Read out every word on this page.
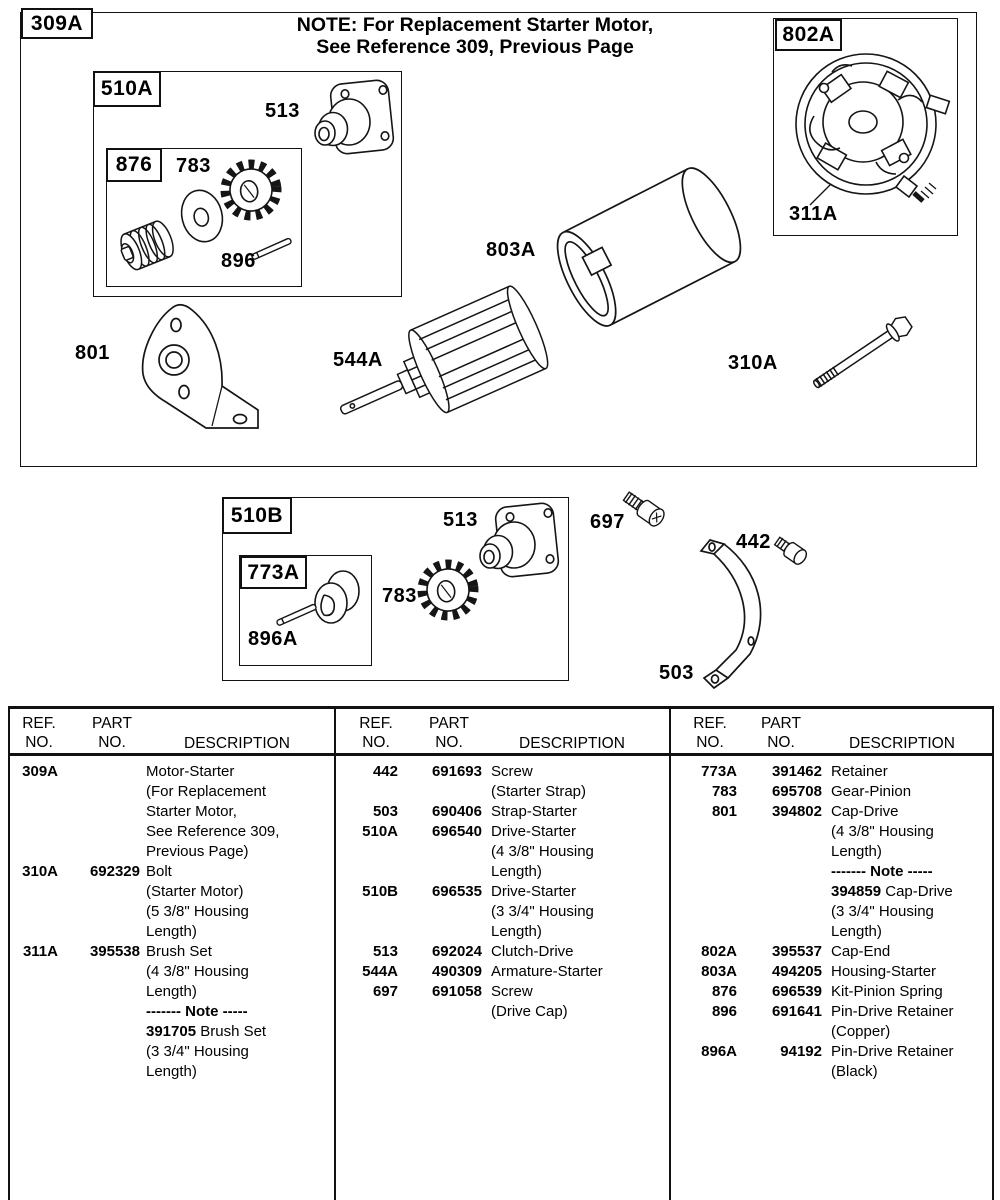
NOTE: For Replacement Starter Motor,
See Reference 309, Previous Page
309A
510A
876
802A
510B
773A
513
783
896
311A
803A
801	544A	310A
513
783
896A
697
442
503
REF.
NO.
PART
NO.	DESCRIPTION
309A	Motor-Starter
(For Replacement
Starter Motor,
See Reference 309,
Previous Page)
310A	692329 Bolt
(Starter Motor)
(5 3/8" Housing
Length)
311A	395538 Brush Set
(4 3/8" Housing
Length)
------- Note -----
391705 Brush Set
(3 3/4" Housing
Length)
REF.
NO.
PART
NO.	DESCRIPTION
442	691693 Screw
(Starter Strap)
503	690406 Strap-Starter
510A	696540 Drive-Starter
(4 3/8" Housing
Length)
510B	696535 Drive-Starter
(3 3/4" Housing
Length)
513	692024 Clutch-Drive
544A	490309 Armature-Starter
697	691058 Screw
(Drive Cap)
REF.
NO.
PART
NO.	DESCRIPTION
773A	391462 Retainer
783	695708 Gear-Pinion
801	394802 Cap-Drive
(4 3/8" Housing
Length)
------- Note -----
394859 Cap-Drive
(3 3/4" Housing
Length)
802A	395537 Cap-End
803A	494205 Housing-Starter
876	696539 Kit-Pinion Spring
896	691641 Pin-Drive Retainer
(Copper)
896A	94192 Pin-Drive Retainer
(Black)
